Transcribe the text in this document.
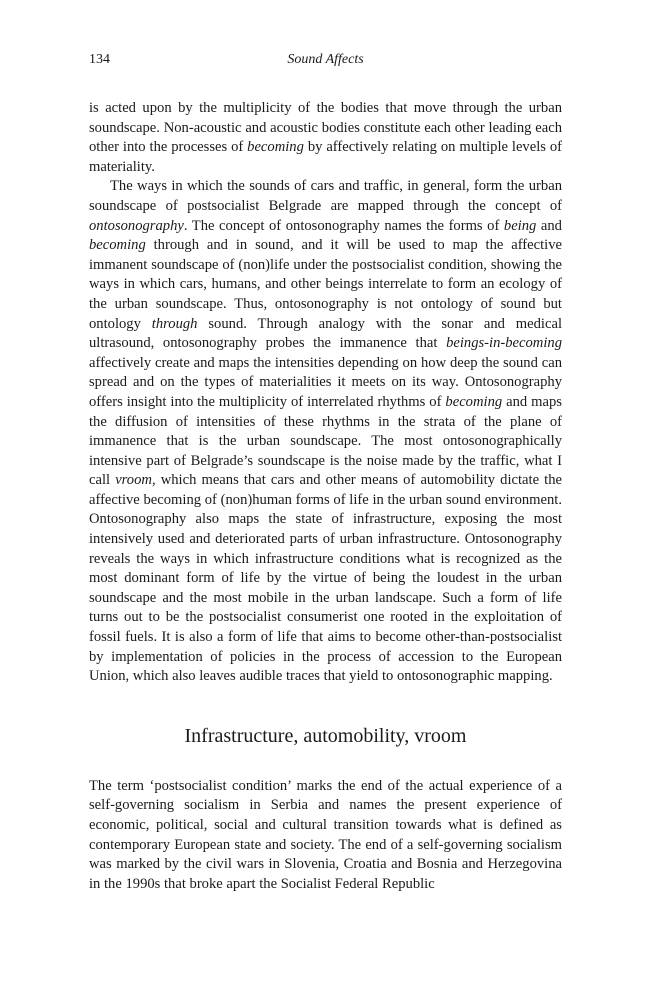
134	Sound Affects

is acted upon by the multiplicity of the bodies that move through the urban soundscape. Non-acoustic and acoustic bodies constitute each other leading each other into the processes of becoming by affectively relating on multiple levels of materiality.

The ways in which the sounds of cars and traffic, in general, form the urban soundscape of postsocialist Belgrade are mapped through the concept of ontosonography. The concept of ontosonography names the forms of being and becoming through and in sound, and it will be used to map the affective immanent soundscape of (non)life under the postsocialist condition, showing the ways in which cars, humans, and other beings interrelate to form an ecology of the urban soundscape. Thus, ontosonography is not ontology of sound but ontology through sound. Through analogy with the sonar and medical ultrasound, ontosonography probes the immanence that beings-in-becoming affectively create and maps the intensities depending on how deep the sound can spread and on the types of materialities it meets on its way. Ontosonography offers insight into the multiplicity of interrelated rhythms of becoming and maps the diffusion of intensities of these rhythms in the strata of the plane of immanence that is the urban soundscape. The most ontosonographically intensive part of Belgrade’s soundscape is the noise made by the traffic, what I call vroom, which means that cars and other means of automobility dictate the affective becoming of (non)human forms of life in the urban sound environment. Ontosonography also maps the state of infrastructure, exposing the most intensively used and deteriorated parts of urban infrastructure. Ontosonography reveals the ways in which infrastructure conditions what is recognized as the most dominant form of life by the virtue of being the loudest in the urban soundscape and the most mobile in the urban landscape. Such a form of life turns out to be the postsocialist consumerist one rooted in the exploitation of fossil fuels. It is also a form of life that aims to become other-than-postsocialist by implementation of policies in the process of accession to the European Union, which also leaves audible traces that yield to ontosonographic mapping.

Infrastructure, automobility, vroom

The term ‘postsocialist condition’ marks the end of the actual experience of a self-governing socialism in Serbia and names the present experience of economic, political, social and cultural transition towards what is defined as contemporary European state and society. The end of a self-governing socialism was marked by the civil wars in Slovenia, Croatia and Bosnia and Herzegovina in the 1990s that broke apart the Socialist Federal Republic
